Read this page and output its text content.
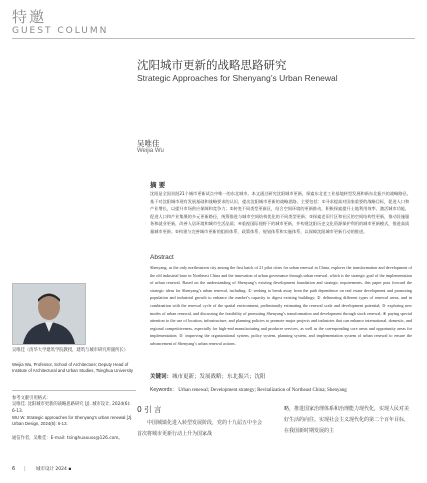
特邀
GUEST COLUMN
沈阳城市更新的战略思路研究
Strategic Approaches for Shenyang’s Urban Renewal
吴唯佳
Weijia Wu
摘 要
沈阳是全国首批21个城市更新试点中唯一的东北城市。本文通过研究沈阳城市更新，探索东北老工业基地转型发展和新东北振兴的战略路径。基于对沈阳城市现有发展基础和战略要求的认识，提出沈阳城市更新的战略思路。主要包括：①寻求提高对国家重要的战略目标，促进人口和产业增长，以提升市场供应保障和竞争力；②转变不同类型更新区，结合空间环境的更新推动，积极探索提升土地利用效率、激活城市功能，促进人口和产业集聚的多元更新路径，统筹推进与城市空间结构优化的不同类型更新；③探索老旧片区和社区的空间结构性更新，推动设施服务和就业更新，改善人居环境和城市生活品质；④重视国际视野下的城市更新，并构建沈阳历史文化资源保护利用的城市更新模式，推进高质量城市更新；⑤构建与完善城市更新的组织体系、政策体系、规划体系和实施体系，以保障沈阳城市更新行动的推进。
Abstract
Shenyang, as the only northeastern city among the first batch of 21 pilot cities for urban renewal in China, explores the transformation and development of the old industrial base in Northeast China and the innovation of urban governance through urban renewal, which is the strategic goal of the implementation of urban renewal. Based on the understanding of Shenyang’s existing development foundation and strategic requirements, this paper puts forward the strategic ideas for Shenyang’s urban renewal, including: ① seeking to break away from the path dependence on real estate development and promoting population and industrial growth to enhance the market’s capacity to digest existing buildings; ② delineating different types of renewal areas, and in combination with the renewal cycle of the spatial environment, preliminarily estimating the renewal scale and development potential; ③ exploring new modes of urban renewal, and discussing the feasibility of promoting Shenyang’s transformation and development through stock renewal; ④ paying special attention to the use of location, infrastructure, and planning policies to promote major projects and industries that can enhance international, domestic, and regional competitiveness, especially for high-end manufacturing and producer services, as well as the corresponding core areas and opportunity areas for implementation; ⑤ improving the organizational system, policy system, planning system, and implementation system of urban renewal to ensure the advancement of Shenyang’s urban renewal actions.
关键词：城市更新；发展战略；东北振兴；沈阳
Keywords： Urban renewal; Development strategy; Revitalization of Northeast China; Shenyang
吴唯佳（清华大学建筑学院教授，建筑与城市研究所副所长）
Weijia Wu, Professor, School of Architecture; Deputy Head of Institute of Architectural and Urban Studies, Tsinghua University
参考文献引用格式：
吴唯佳. 沈阳城市更新的战略思路研究 [J]. 城市设计, 2024(6): 6-13.
WU W. Strategic approaches for Shenyang’s urban renewal [J]. Urban Design, 2024(6): 6-13.
通信作者，吴唯佳：E-mail: tsinghuaxuss@126.com。
0 引 言
中国城镇化进入转型发展阶段，党的十九届五中全会首次将城市更新行动上升为国家战
略，推进国家治理体系和治理能力现代化，实现人民对美好生活的向往。实现社会主义现代化的第二个百年目标，在我国新时期发展的主
6 | 城市设计 2024 ▪
